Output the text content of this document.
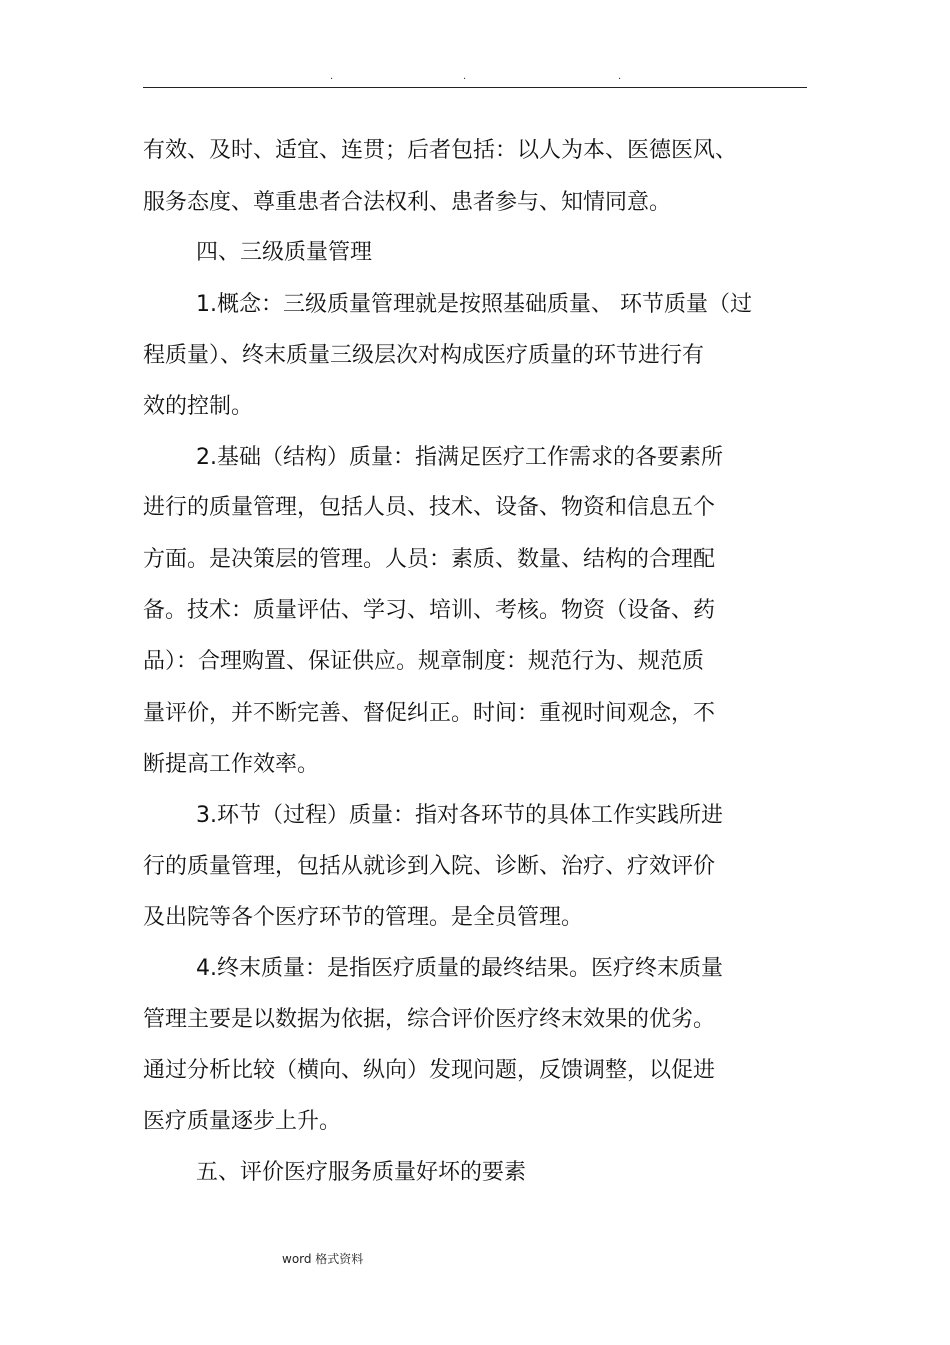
.	.	.
有效、及时、适宜、连贯；后者包括：以人为本、医德医风、
服务态度、尊重患者合法权利、患者参与、知情同意。
四、三级质量管理
1.概念：三级质量管理就是按照基础质量、 环节质量（过
程质量）、终末质量三级层次对构成医疗质量的环节进行有
效的控制。
2.基础（结构）质量：指满足医疗工作需求的各要素所
进行的质量管理，包括人员、技术、设备、物资和信息五个
方面。是决策层的管理。人员：素质、数量、结构的合理配
备。技术：质量评估、学习、培训、考核。物资（设备、药
品）：合理购置、保证供应。规章制度：规范行为、规范质
量评价，并不断完善、督促纠正。时间：重视时间观念，不
断提高工作效率。
3.环节（过程）质量：指对各环节的具体工作实践所进
行的质量管理，包括从就诊到入院、诊断、治疗、疗效评价
及出院等各个医疗环节的管理。是全员管理。
4.终末质量：是指医疗质量的最终结果。医疗终末质量
管理主要是以数据为依据，综合评价医疗终末效果的优劣。
通过分析比较（横向、纵向）发现问题，反馈调整，以促进
医疗质量逐步上升。
五、评价医疗服务质量好坏的要素
word 格式资料
